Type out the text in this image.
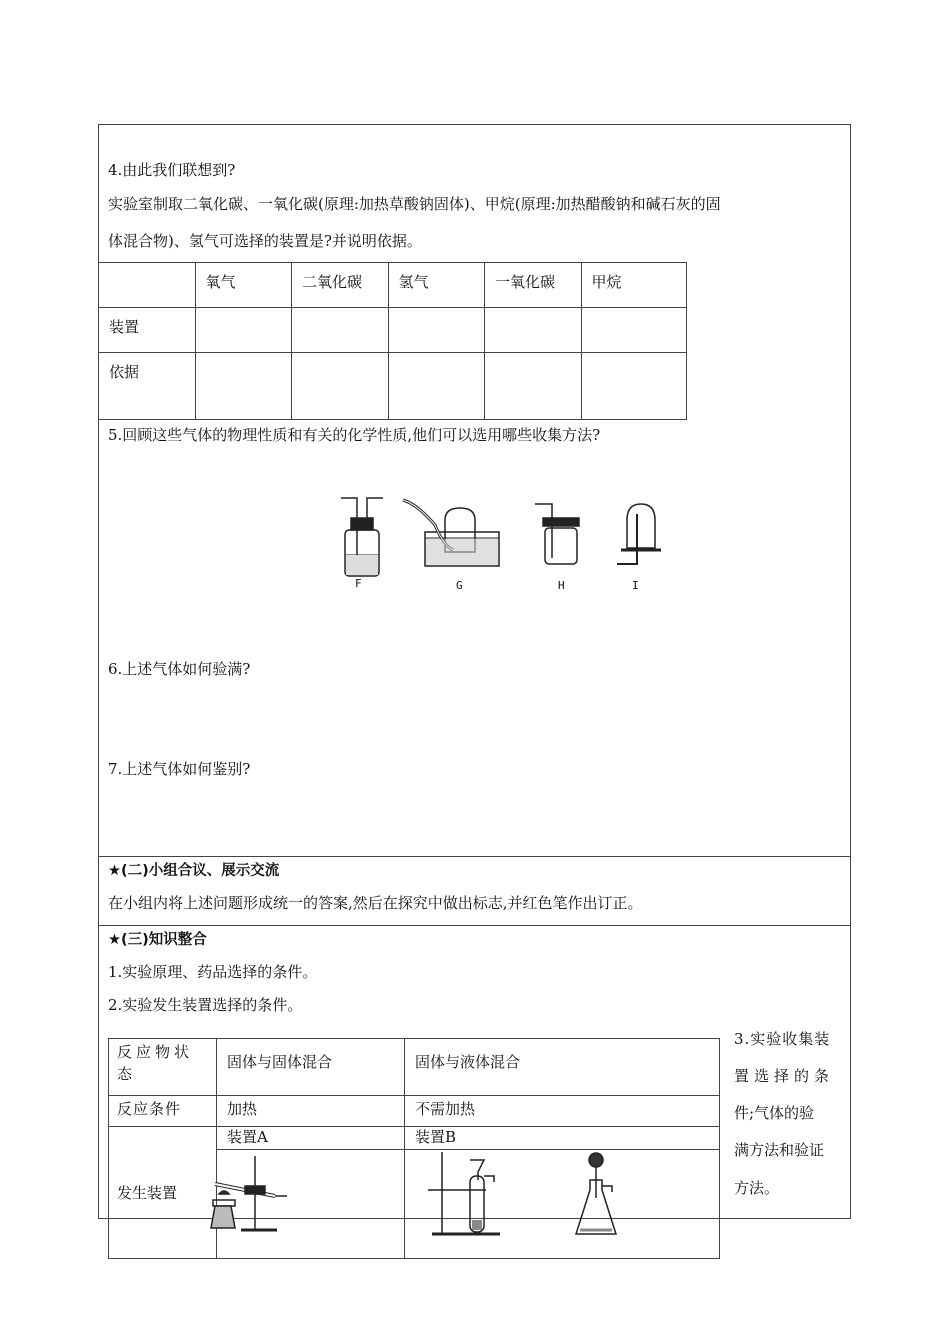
4.由此我们联想到?
实验室制取二氧化碳、一氧化碳(原理:加热草酸钠固体)、甲烷(原理:加热醋酸钠和碱石灰的固
体混合物)、氢气可选择的装置是?并说明依据。

	氧气	二氧化碳	氢气	一氧化碳	甲烷

装置					

依据					

5.回顾这些气体的物理性质和有关的化学性质,他们可以选用哪些收集方法?
F	G	H	I
6.上述气体如何验满?
7.上述气体如何鉴别?
★(二)小组合议、展示交流
在小组内将上述问题形成统一的答案,然后在探究中做出标志,并红色笔作出订正。
★(三)知识整合
1.实验原理、药品选择的条件。
2.实验发生装置选择的条件。
3.实验收集装
置选择的条
件;气体的验
满方法和验证
方法。
反应物状态	固体与固体混合	固体与液体混合
反应条件	加热	不需加热
发生装置	装置A	装置B
